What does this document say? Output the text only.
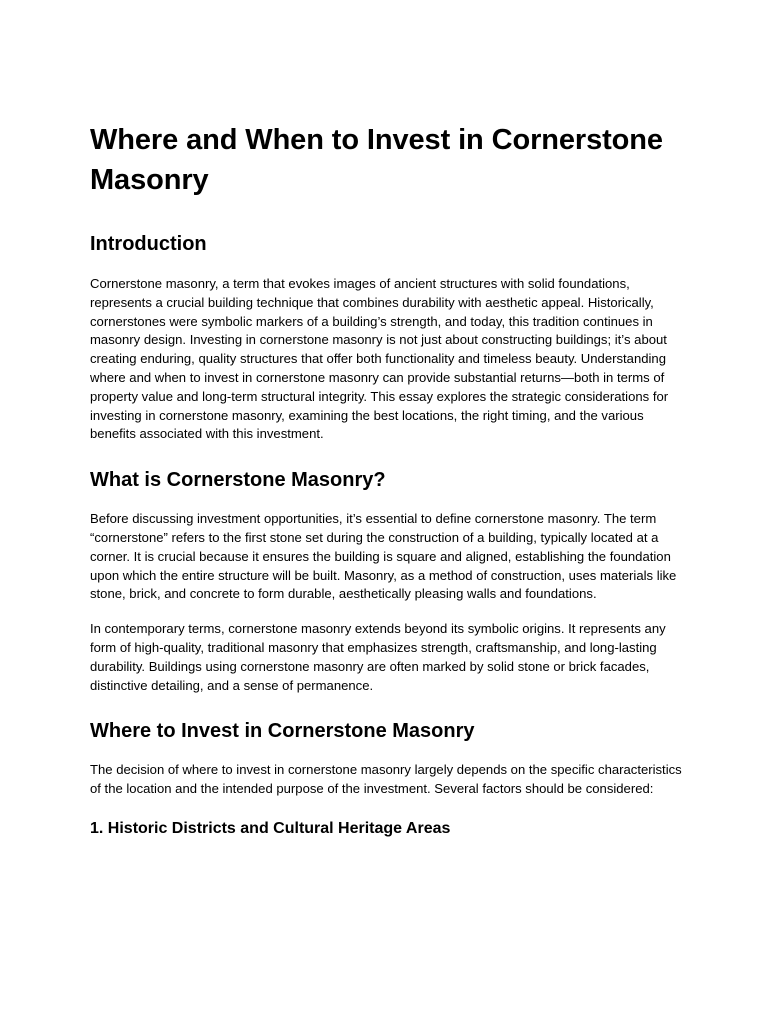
Where and When to Invest in Cornerstone Masonry
Introduction

Cornerstone masonry, a term that evokes images of ancient structures with solid foundations, represents a crucial building technique that combines durability with aesthetic appeal. Historically, cornerstones were symbolic markers of a building’s strength, and today, this tradition continues in masonry design. Investing in cornerstone masonry is not just about constructing buildings; it’s about creating enduring, quality structures that offer both functionality and timeless beauty. Understanding where and when to invest in cornerstone masonry can provide substantial returns—both in terms of property value and long-term structural integrity. This essay explores the strategic considerations for investing in cornerstone masonry, examining the best locations, the right timing, and the various benefits associated with this investment.

What is Cornerstone Masonry?

Before discussing investment opportunities, it’s essential to define cornerstone masonry. The term “cornerstone” refers to the first stone set during the construction of a building, typically located at a corner. It is crucial because it ensures the building is square and aligned, establishing the foundation upon which the entire structure will be built. Masonry, as a method of construction, uses materials like stone, brick, and concrete to form durable, aesthetically pleasing walls and foundations.

In contemporary terms, cornerstone masonry extends beyond its symbolic origins. It represents any form of high-quality, traditional masonry that emphasizes strength, craftsmanship, and long-lasting durability. Buildings using cornerstone masonry are often marked by solid stone or brick facades, distinctive detailing, and a sense of permanence.

Where to Invest in Cornerstone Masonry

The decision of where to invest in cornerstone masonry largely depends on the specific characteristics of the location and the intended purpose of the investment. Several factors should be considered:

1. Historic Districts and Cultural Heritage Areas
